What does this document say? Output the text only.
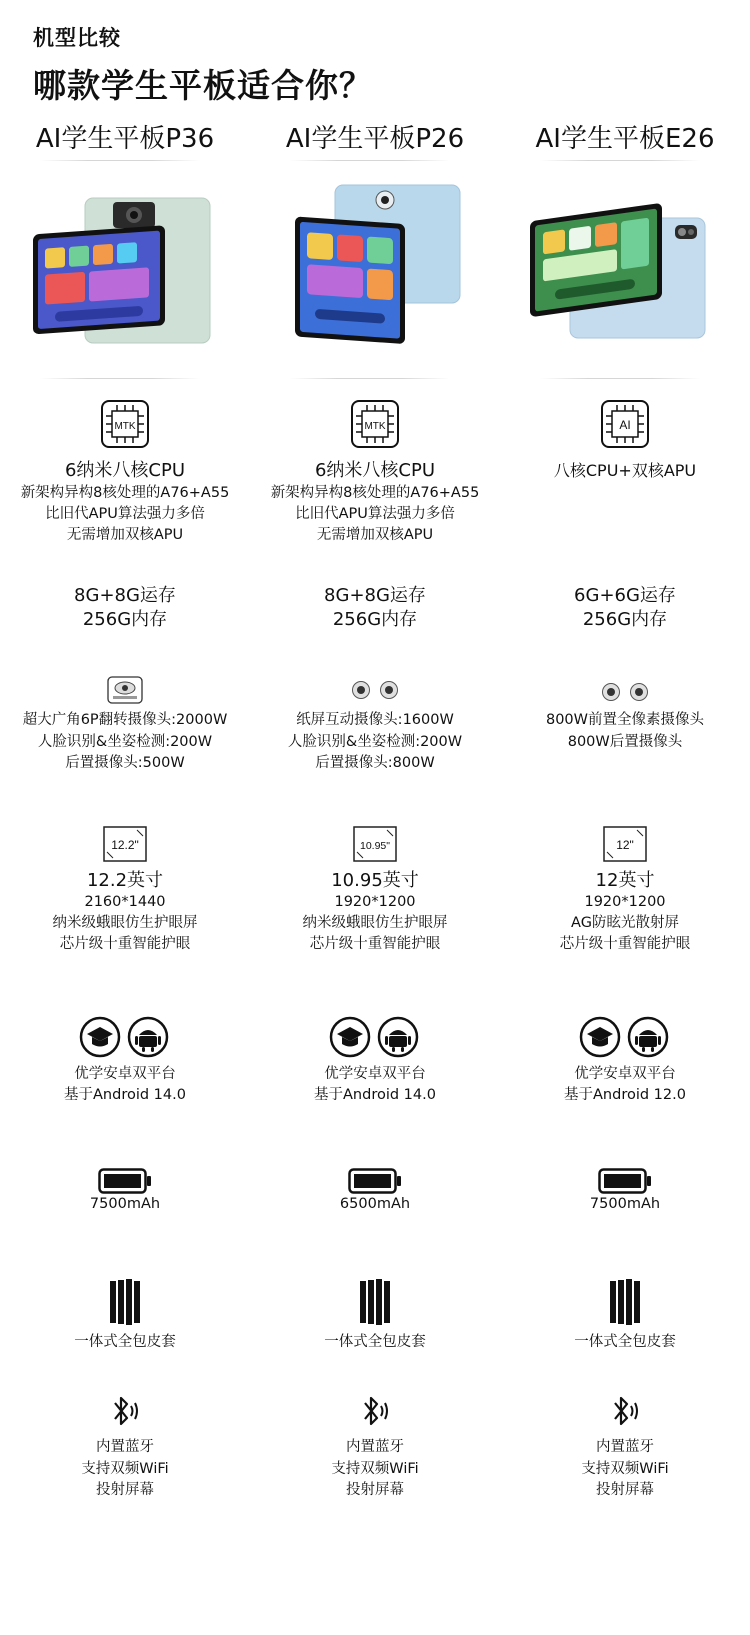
机型比较
哪款学生平板适合你？
AI学生平板P36
MTK
6纳米八核CPU
新架构异构8核处理的A76+A55
比旧代APU算法强力多倍
无需增加双核APU
8G+8G运存
256G内存
超大广角6P翻转摄像头:2000W
人脸识别&坐姿检测:200W
后置摄像头:500W
12.2"
12.2英寸
2160*1440
纳米级蛾眼仿生护眼屏
芯片级十重智能护眼
优学安卓双平台
基于Android 14.0
7500mAh
一体式全包皮套
内置蓝牙
支持双频WiFi
投射屏幕
AI学生平板P26
MTK
6纳米八核CPU
新架构异构8核处理的A76+A55
比旧代APU算法强力多倍
无需增加双核APU
8G+8G运存
256G内存
纸屏互动摄像头:1600W
人脸识别&坐姿检测:200W
后置摄像头:800W
10.95"
10.95英寸
1920*1200
纳米级蛾眼仿生护眼屏
芯片级十重智能护眼
优学安卓双平台
基于Android 14.0
6500mAh
一体式全包皮套
内置蓝牙
支持双频WiFi
投射屏幕
AI学生平板E26
AI
八核CPU+双核APU
6G+6G运存
256G内存
800W前置全像素摄像头
800W后置摄像头
12"
12英寸
1920*1200
AG防眩光散射屏
芯片级十重智能护眼
优学安卓双平台
基于Android 12.0
7500mAh
一体式全包皮套
内置蓝牙
支持双频WiFi
投射屏幕
